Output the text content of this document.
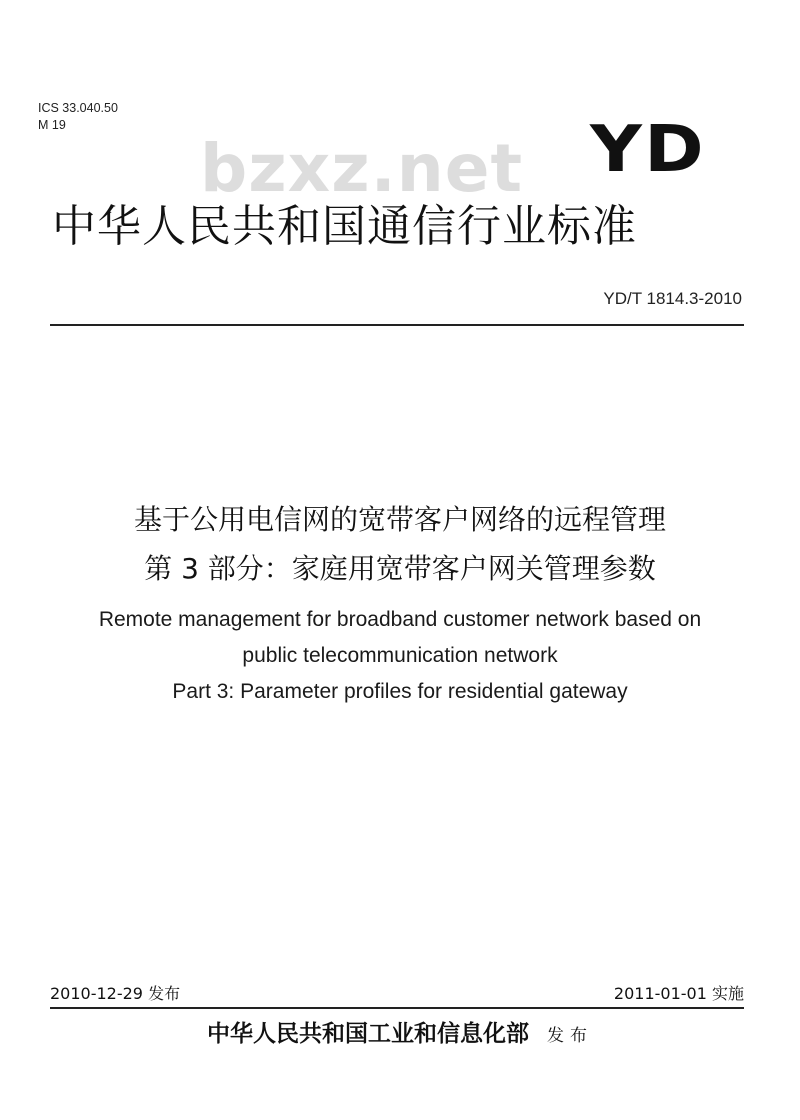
ICS 33.040.50
M 19
bzxz.net YD
中华人民共和国通信行业标准
YD/T 1814.3-2010
基于公用电信网的宽带客户网络的远程管理
第 3 部分：家庭用宽带客户网关管理参数
Remote management for broadband customer network based on
public telecommunication network
Part 3: Parameter profiles for residential gateway
2010-12-29 发布	2011-01-01 实施
中华人民共和国工业和信息化部 发布
